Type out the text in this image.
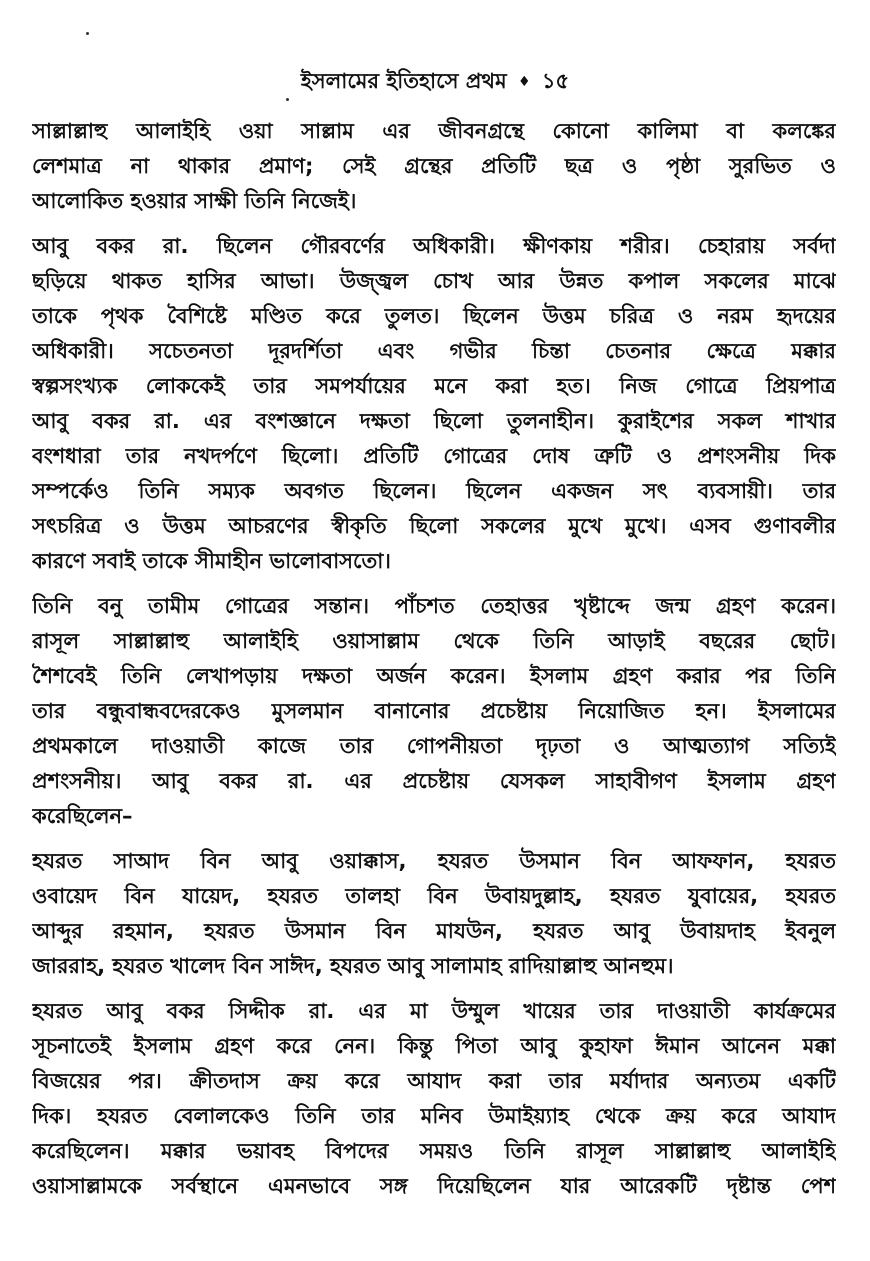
ইসলামের ইতিহাসে প্রথম ♦ ১৫
সাল্লাল্লাহু আলাইহি ওয়া সাল্লাম এর জীবনগ্রন্থে কোনো কালিমা বা কলঙ্কের
লেশমাত্র না থাকার প্রমাণ; সেই গ্রন্থের প্রতিটি ছত্র ও পৃষ্ঠা সুরভিত ও
আলোকিত হওয়ার সাক্ষী তিনি নিজেই।
আবু বকর রা. ছিলেন গৌরবর্ণের অধিকারী। ক্ষীণকায় শরীর। চেহারায় সর্বদা
ছড়িয়ে থাকত হাসির আভা। উজ্জ্বল চোখ আর উন্নত কপাল সকলের মাঝে
তাকে পৃথক বৈশিষ্টে মণ্ডিত করে তুলত। ছিলেন উত্তম চরিত্র ও নরম হৃদয়ের
অধিকারী। সচেতনতা দূরদর্শিতা এবং গভীর চিন্তা চেতনার ক্ষেত্রে মক্কার
স্বল্পসংখ্যক লোককেই তার সমপর্যায়ের মনে করা হত। নিজ গোত্রে প্রিয়পাত্র
আবু বকর রা. এর বংশজ্ঞানে দক্ষতা ছিলো তুলনাহীন। কুরাইশের সকল শাখার
বংশধারা তার নখদর্পণে ছিলো। প্রতিটি গোত্রের দোষ ত্রুটি ও প্রশংসনীয় দিক
সম্পর্কেও তিনি সম্যক অবগত ছিলেন। ছিলেন একজন সৎ ব্যবসায়ী। তার
সৎচরিত্র ও উত্তম আচরণের স্বীকৃতি ছিলো সকলের মুখে মুখে। এসব গুণাবলীর
কারণে সবাই তাকে সীমাহীন ভালোবাসতো।
তিনি বনু তামীম গোত্রের সন্তান। পাঁচশত তেহাত্তর খৃষ্টাব্দে জন্ম গ্রহণ করেন।
রাসূল সাল্লাল্লাহু আলাইহি ওয়াসাল্লাম থেকে তিনি আড়াই বছরের ছোট।
শৈশবেই তিনি লেখাপড়ায় দক্ষতা অর্জন করেন। ইসলাম গ্রহণ করার পর তিনি
তার বন্ধুবান্ধবদেরকেও মুসলমান বানানোর প্রচেষ্টায় নিয়োজিত হন। ইসলামের
প্রথমকালে দাওয়াতী কাজে তার গোপনীয়তা দৃঢ়তা ও আত্মত্যাগ সত্যিই
প্রশংসনীয়। আবু বকর রা. এর প্রচেষ্টায় যেসকল সাহাবীগণ ইসলাম গ্রহণ
করেছিলেন–
হযরত সাআদ বিন আবু ওয়াক্কাস, হযরত উসমান বিন আফফান, হযরত
ওবায়েদ বিন যায়েদ, হযরত তালহা বিন উবায়দুল্লাহ, হযরত যুবায়ের, হযরত
আব্দুর রহমান, হযরত উসমান বিন মাযউন, হযরত আবু উবায়দাহ ইবনুল
জাররাহ, হযরত খালেদ বিন সাঈদ, হযরত আবু সালামাহ রাদিয়াল্লাহু আনহুম।
হযরত আবু বকর সিদ্দীক রা. এর মা উম্মুল খায়ের তার দাওয়াতী কার্যক্রমের
সূচনাতেই ইসলাম গ্রহণ করে নেন। কিন্তু পিতা আবু কুহাফা ঈমান আনেন মক্কা
বিজয়ের পর। ক্রীতদাস ক্রয় করে আযাদ করা তার মর্যাদার অন্যতম একটি
দিক। হযরত বেলালকেও তিনি তার মনিব উমাইয়্যাহ থেকে ক্রয় করে আযাদ
করেছিলেন। মক্কার ভয়াবহ বিপদের সময়ও তিনি রাসূল সাল্লাল্লাহু আলাইহি
ওয়াসাল্লামকে সর্বস্থানে এমনভাবে সঙ্গ দিয়েছিলেন যার আরেকটি দৃষ্টান্ত পেশ
